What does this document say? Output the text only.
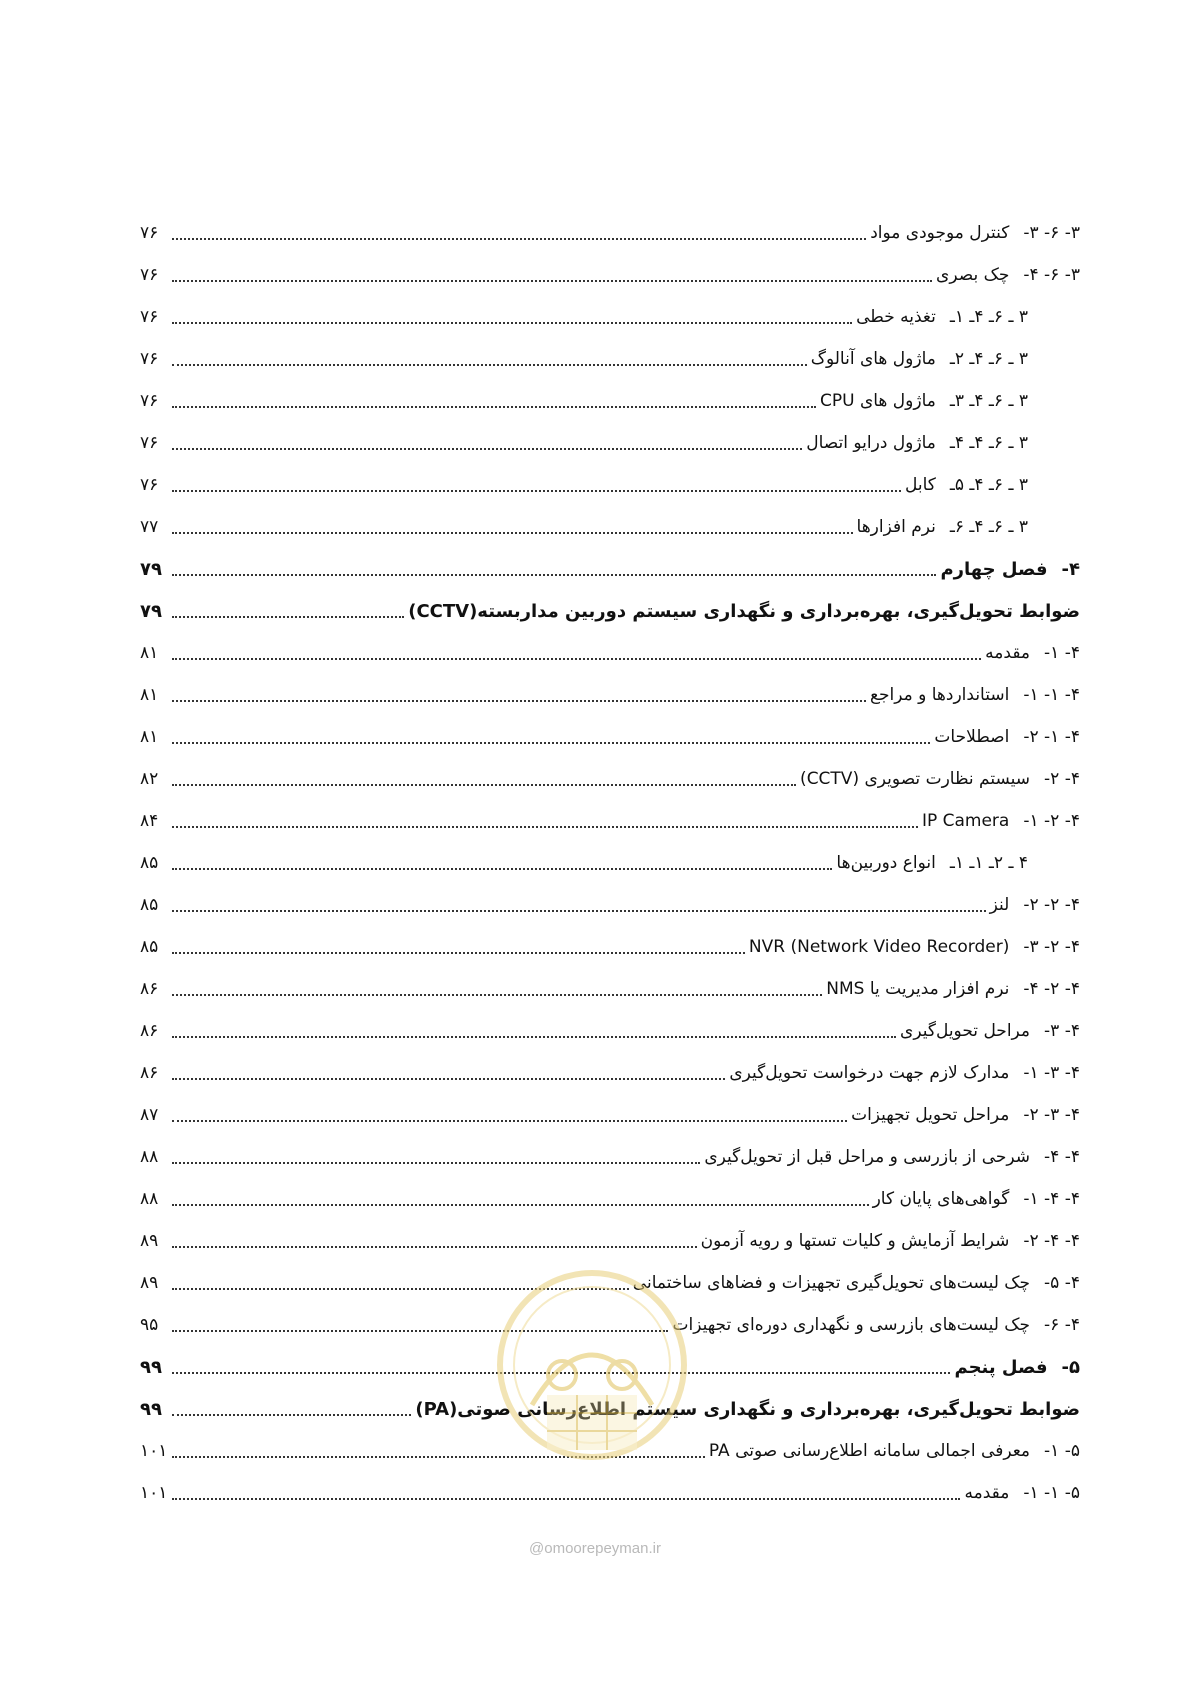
۳- ۶- ۳-
کنترل موجودی مواد
۷۶
۳- ۶- ۴-
چک بصری
۷۶
۳ ـ ۶ـ ۴ـ ۱ـ
تغذیه خطی
۷۶
۳ ـ ۶ـ ۴ـ ۲ـ
ماژول های آنالوگ
۷۶
۳ ـ ۶ـ ۴ـ ۳ـ
ماژول های CPU
۷۶
۳ ـ ۶ـ ۴ـ ۴ـ
ماژول درایو اتصال
۷۶
۳ ـ ۶ـ ۴ـ ۵ـ
کابل
۷۶
۳ ـ ۶ـ ۴ـ ۶ـ
نرم افزارها
۷۷
۴-
فصل چهارم
۷۹
ضوابط تحویل‌گیری، بهره‌برداری و نگهداری سیستم دوربین مداربسته(CCTV)
۷۹
۴- ۱-
مقدمه
۸۱
۴- ۱- ۱-
استانداردها و مراجع
۸۱
۴- ۱- ۲-
اصطلاحات
۸۱
۴- ۲-
سیستم نظارت تصویری (CCTV)
۸۲
۴- ۲- ۱-
IP Camera
۸۴
۴ ـ ۲ـ ۱ـ ۱ـ
انواع دوربین‌ها
۸۵
۴- ۲- ۲-
لنز
۸۵
۴- ۲- ۳-
NVR (Network Video Recorder)
۸۵
۴- ۲- ۴-
نرم افزار مدیریت یا NMS
۸۶
۴- ۳-
مراحل تحویل‌گیری
۸۶
۴- ۳- ۱-
مدارک لازم جهت درخواست تحویل‌گیری
۸۶
۴- ۳- ۲-
مراحل تحویل تجهیزات
۸۷
۴- ۴-
شرحی از بازرسی و مراحل قبل از تحویل‌گیری
۸۸
۴- ۴- ۱-
گواهی‌های پایان کار
۸۸
۴- ۴- ۲-
شرایط آزمایش و کلیات تستها و رویه آزمون
۸۹
۴- ۵-
چک لیست‌های تحویل‌گیری تجهیزات و فضاهای ساختمانی
۸۹
۴- ۶-
چک لیست‌های بازرسی و نگهداری دوره‌ای تجهیزات
۹۵
۵-
فصل پنجم
۹۹
ضوابط تحویل‌گیری، بهره‌برداری و نگهداری سیستم اطلاع‌رسانی صوتی(PA)
۹۹
۵- ۱-
معرفی اجمالی سامانه اطلاع‌رسانی صوتی PA
۱۰۱
۵- ۱- ۱-
مقدمه
۱۰۱
@omoorepeyman.ir
